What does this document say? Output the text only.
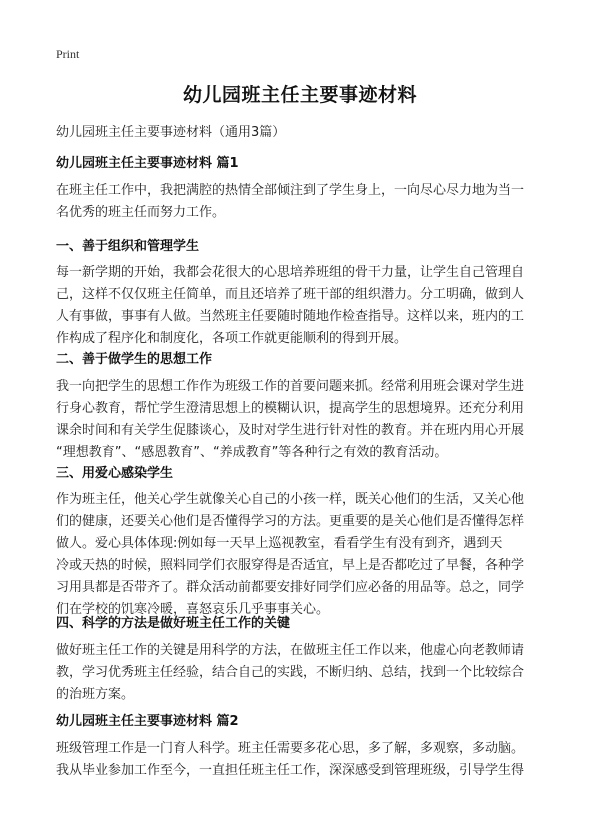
Print
幼儿园班主任主要事迹材料
幼儿园班主任主要事迹材料（通用3篇）
幼儿园班主任主要事迹材料 篇1
在班主任工作中，我把满腔的热情全部倾注到了学生身上，一向尽心尽力地为当一
名优秀的班主任而努力工作。
一、善于组织和管理学生
每一新学期的开始，我都会花很大的心思培养班组的骨干力量，让学生自己管理自
己，这样不仅仅班主任简单，而且还培养了班干部的组织潜力。分工明确，做到人
人有事做，事事有人做。当然班主任要随时随地作检查指导。这样以来，班内的工
作构成了程序化和制度化，各项工作就更能顺利的得到开展。
二、善于做学生的思想工作
我一向把学生的思想工作作为班级工作的首要问题来抓。经常利用班会课对学生进
行身心教育，帮忙学生澄清思想上的模糊认识，提高学生的思想境界。还充分利用
课余时间和有关学生促膝谈心，及时对学生进行针对性的教育。并在班内用心开展
“理想教育”、“感恩教育”、“养成教育”等各种行之有效的教育活动。
三、用爱心感染学生
作为班主任，他关心学生就像关心自己的小孩一样，既关心他们的生活，又关心他
们的健康，还要关心他们是否懂得学习的方法。更重要的是关心他们是否懂得怎样
做人。爱心具体体现:例如每一天早上巡视教室，看看学生有没有到齐，遇到天
冷或天热的时候，照料同学们衣服穿得是否适宜，早上是否都吃过了早餐，各种学
习用具都是否带齐了。群众活动前都要安排好同学们应必备的用品等。总之，同学
们在学校的饥寒冷暖，喜怒哀乐几乎事事关心。
四、科学的方法是做好班主任工作的关键
做好班主任工作的关键是用科学的方法，在做班主任工作以来，他虚心向老教师请
教，学习优秀班主任经验，结合自己的实践，不断归纳、总结，找到一个比较综合
的治班方案。
幼儿园班主任主要事迹材料 篇2
班级管理工作是一门育人科学。班主任需要多花心思，多了解，多观察，多动脑。
我从毕业参加工作至今，一直担任班主任工作，深深感受到管理班级，引导学生得
